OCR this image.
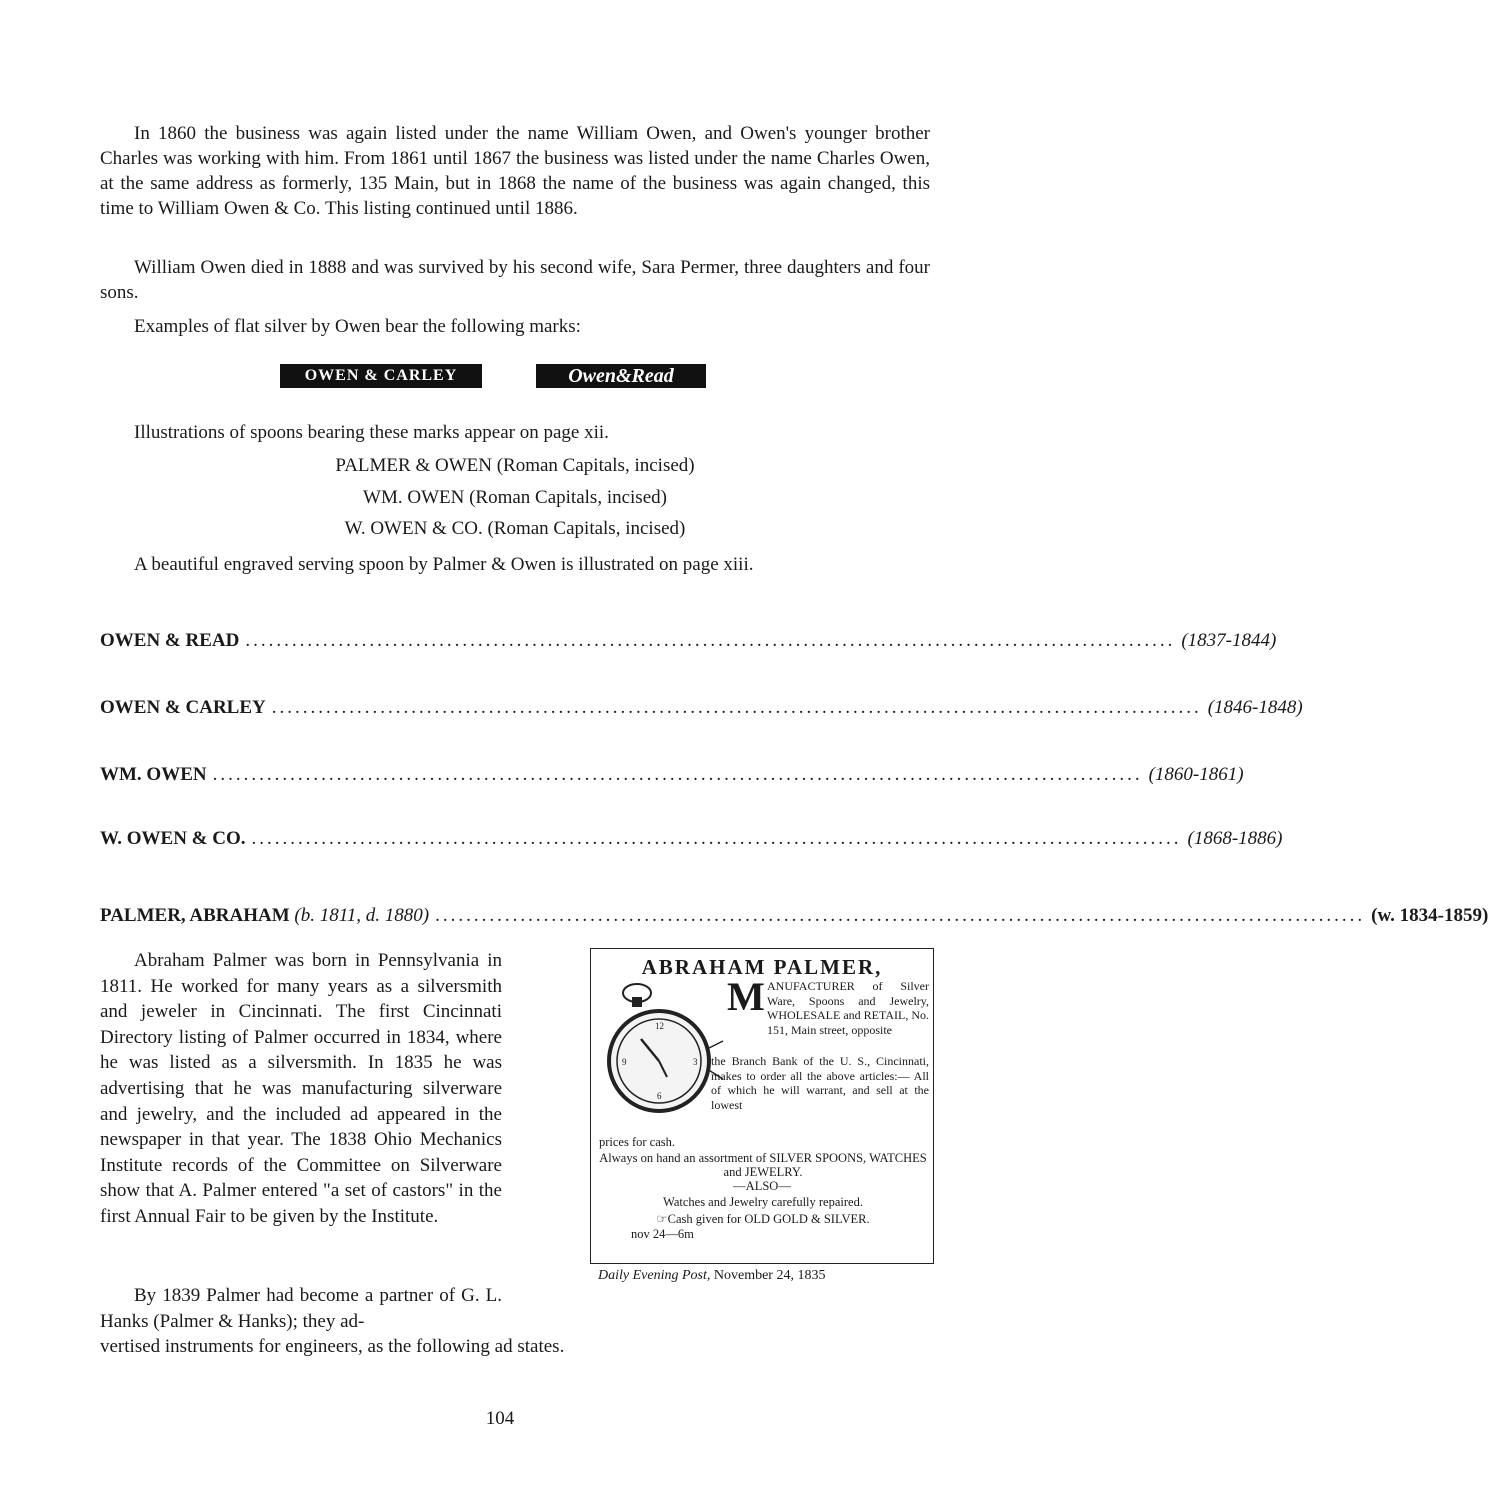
In 1860 the business was again listed under the name William Owen, and Owen's younger brother Charles was working with him. From 1861 until 1867 the business was listed under the name Charles Owen, at the same address as formerly, 135 Main, but in 1868 the name of the business was again changed, this time to William Owen & Co. This listing continued until 1886.

William Owen died in 1888 and was survived by his second wife, Sara Permer, three daughters and four sons.

Examples of flat silver by Owen bear the following marks:

OWEN & CARLEY	Owen&Read

Illustrations of spoons bearing these marks appear on page xii.

PALMER & OWEN (Roman Capitals, incised)

WM. OWEN (Roman Capitals, incised)

W. OWEN & CO. (Roman Capitals, incised)

A beautiful engraved serving spoon by Palmer & Owen is illustrated on page xiii.

OWEN & READ ........................................................................................................................ (1837-1844)
OWEN & CARLEY ........................................................................................................................ (1846-1848)
WM. OWEN ........................................................................................................................ (1860-1861)
W. OWEN & CO. ........................................................................................................................ (1868-1886)
PALMER, ABRAHAM (b. 1811, d. 1880) ........................................................................................................................ (w. 1834-1859)

Abraham Palmer was born in Pennsylvania in 1811. He worked for many years as a silversmith and jeweler in Cincinnati. The first Cincinnati Directory listing of Palmer occurred in 1834, where he was listed as a silversmith. In 1835 he was advertising that he was manufacturing silverware and jewelry, and the included ad appeared in the newspaper in that year. The 1838 Ohio Mechanics Institute records of the Committee on Silverware show that A. Palmer entered "a set of castors" in the first Annual Fair to be given by the Institute.

By 1839 Palmer had become a partner of G. L. Hanks (Palmer & Hanks); they ad-

vertised instruments for engineers, as the following ad states.

ABRAHAM PALMER,
12
3
6
9
M ANUFACTURER of Silver Ware, Spoons and Jewelry, WHOLESALE and RETAIL, No. 151, Main street, opposite
the Branch Bank of the U. S., Cincinnati, makes to order all the above articles:— All of which he will warrant, and sell at the lowest
prices for cash.
Always on hand an assortment of SILVER SPOONS, WATCHES and JEWELRY.
—ALSO—
Watches and Jewelry carefully repaired.
☞Cash given for OLD GOLD & SILVER.
nov 24—6m
Daily Evening Post, November 24, 1835
104
